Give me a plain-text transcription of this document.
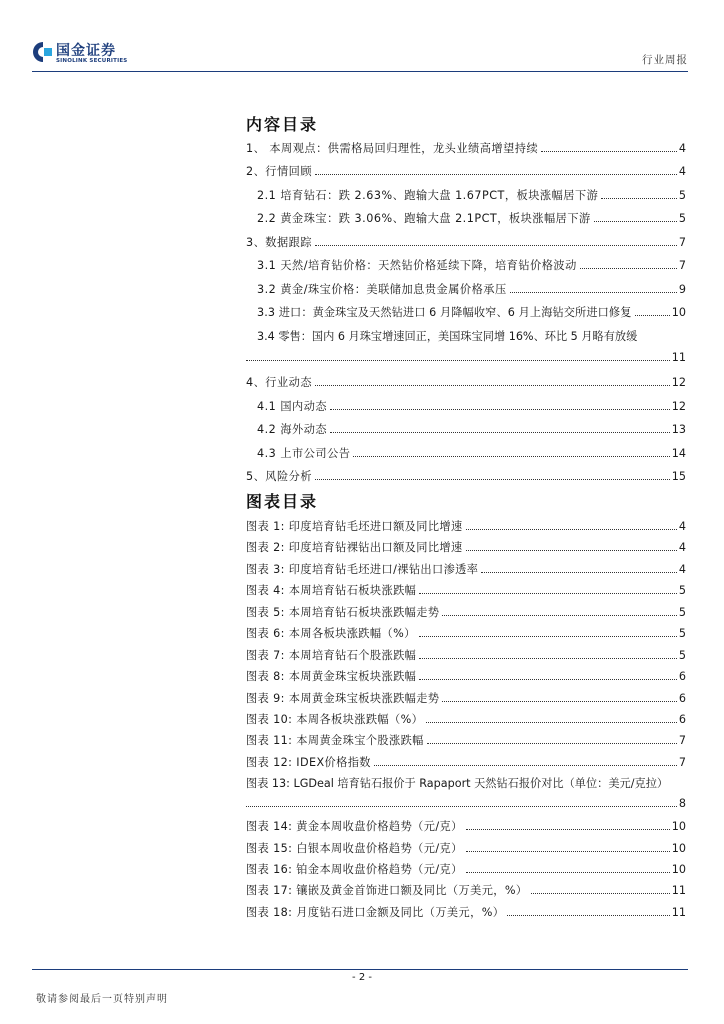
国金证券
SINOLINK SECURITIES	行业周报
内容目录
1、 本周观点：供需格局回归理性，龙头业绩高增望持续	4
2、行情回顾	4
2.1 培育钻石：跌 2.63%、跑输大盘 1.67PCT，板块涨幅居下游	5
2.2 黄金珠宝：跌 3.06%、跑输大盘 2.1PCT，板块涨幅居下游	5
3、数据跟踪	7
3.1 天然/培育钻价格：天然钻价格延续下降，培育钻价格波动	7
3.2 黄金/珠宝价格：美联储加息贵金属价格承压	9
3.3 进口：黄金珠宝及天然钻进口 6 月降幅收窄、6 月上海钻交所进口修复	10
3.4 零售：国内 6 月珠宝增速回正，美国珠宝同增 16%、环比 5 月略有放缓
11
4、行业动态	12
4.1 国内动态	12
4.2 海外动态	13
4.3 上市公司公告	14
5、风险分析	15
图表目录
图表 1: 印度培育钻毛坯进口额及同比增速	4
图表 2: 印度培育钻裸钻出口额及同比增速	4
图表 3: 印度培育钻毛坯进口/裸钻出口渗透率	4
图表 4: 本周培育钻石板块涨跌幅	5
图表 5: 本周培育钻石板块涨跌幅走势	5
图表 6: 本周各板块涨跌幅（%）	5
图表 7: 本周培育钻石个股涨跌幅	5
图表 8: 本周黄金珠宝板块涨跌幅	6
图表 9: 本周黄金珠宝板块涨跌幅走势	6
图表 10: 本周各板块涨跌幅（%）	6
图表 11: 本周黄金珠宝个股涨跌幅	7
图表 12: IDEX价格指数	7
图表 13: LGDeal 培育钻石报价于 Rapaport 天然钻石报价对比（单位：美元/克拉）
8
图表 14: 黄金本周收盘价格趋势（元/克）	10
图表 15: 白银本周收盘价格趋势（元/克）	10
图表 16: 铂金本周收盘价格趋势（元/克）	10
图表 17: 镶嵌及黄金首饰进口额及同比（万美元，%）	11
图表 18: 月度钻石进口金额及同比（万美元，%）	11
- 2 -
敬请参阅最后一页特别声明
